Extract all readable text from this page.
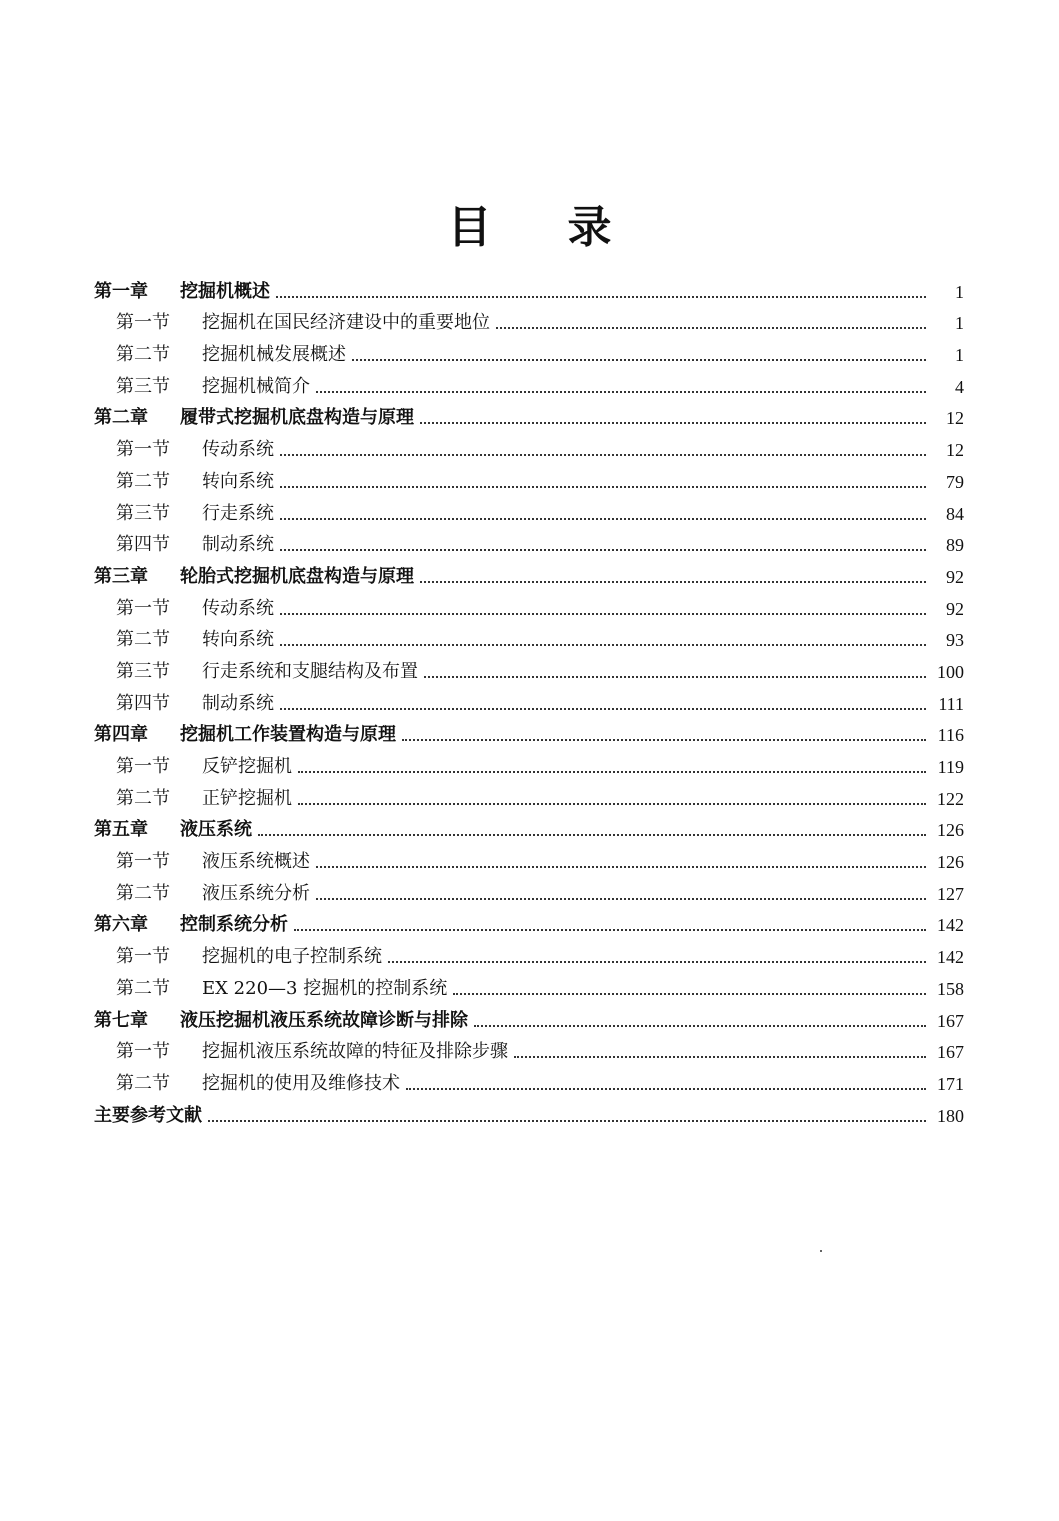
目录
第一章	挖掘机概述	1
第一节	挖掘机在国民经济建设中的重要地位	1
第二节	挖掘机械发展概述	1
第三节	挖掘机械简介	4
第二章	履带式挖掘机底盘构造与原理	12
第一节	传动系统	12
第二节	转向系统	79
第三节	行走系统	84
第四节	制动系统	89
第三章	轮胎式挖掘机底盘构造与原理	92
第一节	传动系统	92
第二节	转向系统	93
第三节	行走系统和支腿结构及布置	100
第四节	制动系统	111
第四章	挖掘机工作装置构造与原理	116
第一节	反铲挖掘机	119
第二节	正铲挖掘机	122
第五章	液压系统	126
第一节	液压系统概述	126
第二节	液压系统分析	127
第六章	控制系统分析	142
第一节	挖掘机的电子控制系统	142
第二节	EX 220—3 挖掘机的控制系统	158
第七章	液压挖掘机液压系统故障诊断与排除	167
第一节	挖掘机液压系统故障的特征及排除步骤	167
第二节	挖掘机的使用及维修技术	171
主要参考文献	180
